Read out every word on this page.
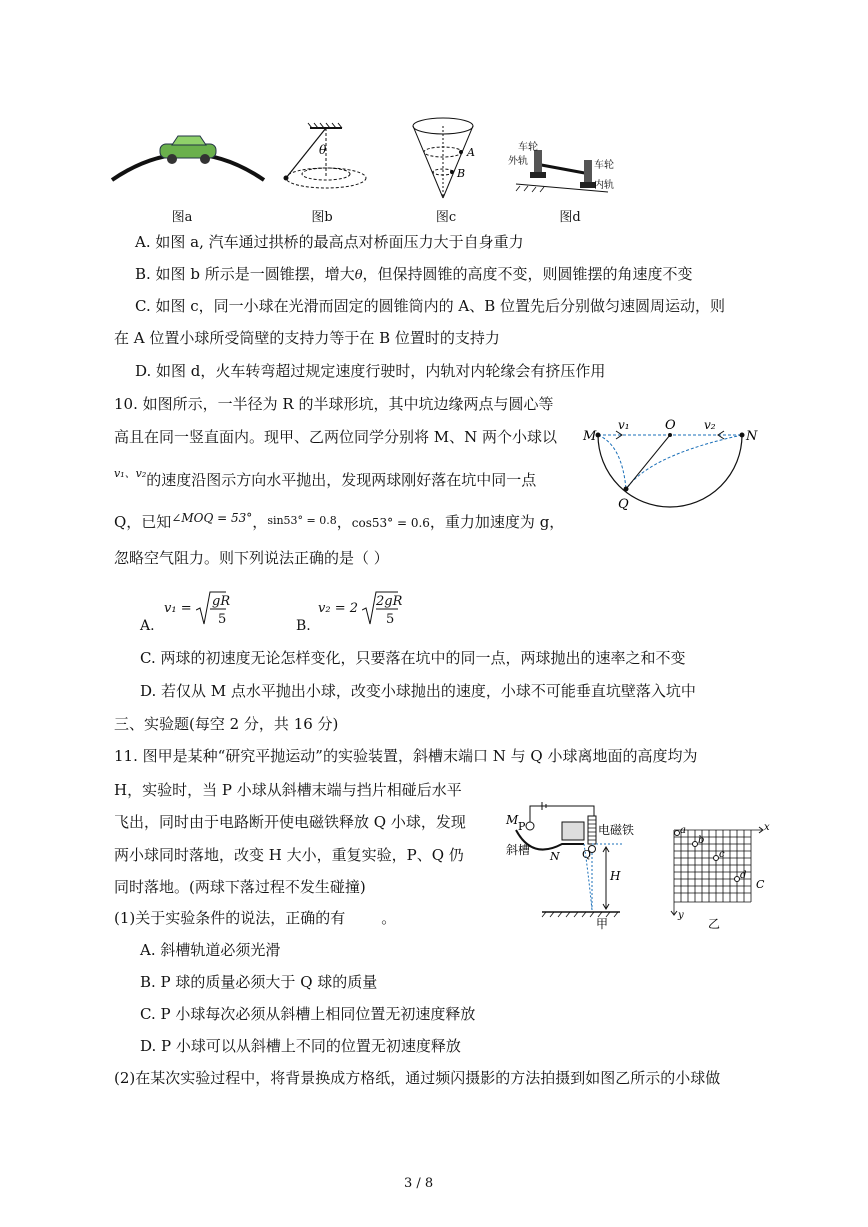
图a
θ
图b
A
B
图c
车轮
外轨	车轮
内轨
图d
A. 如图 a, 汽车通过拱桥的最高点对桥面压力大于自身重力
B. 如图 b 所示是一圆锥摆，增大θ，但保持圆锥的高度不变，则圆锥摆的角速度不变
C. 如图 c，同一小球在光滑而固定的圆锥筒内的 A、B 位置先后分别做匀速圆周运动，则
在 A 位置小球所受筒壁的支持力等于在 B 位置时的支持力
D. 如图 d，火车转弯超过规定速度行驶时，内轨对内轮缘会有挤压作用
10. 如图所示，一半径为 R 的半球形坑，其中坑边缘两点与圆心等
高且在同一竖直面内。现甲、乙两位同学分别将 M、N 两个小球以
$^{v_1、v_2}$的速度沿图示方向水平抛出，发现两球刚好落在坑中同一点
Q，已知$^{\angle MOQ = 53^\circ}$，$^{sin53^\circ = 0.8}$，cos53° = 0.6，重力加速度为 g，
忽略空气阻力。则下列说法正确的是（ ）
M	N
O
Q
v₁	v₂
A.
v₁ = gR
5	B.
v₂ = 2 2gR
5
C. 两球的初速度无论怎样变化，只要落在坑中的同一点，两球抛出的速率之和不变
D. 若仅从 M 点水平抛出小球，改变小球抛出的速度，小球不可能垂直坑壁落入坑中
三、实验题(每空 2 分，共 16 分)
11. 图甲是某种“研究平抛运动”的实验装置，斜槽末端口 N 与 Q 小球离地面的高度均为
H，实验时，当 P 小球从斜槽末端与挡片相碰后水平
飞出，同时由于电路断开使电磁铁释放 Q 小球，发现
两小球同时落地，改变 H 大小，重复实验，P、Q 仍
同时落地。(两球下落过程不发生碰撞)
(1)关于实验条件的说法，正确的有 。
A. 斜槽轨道必须光滑
B. P 球的质量必须大于 Q 球的质量
C. P 小球每次必须从斜槽上相同位置无初速度释放
D. P 小球可以从斜槽上不同的位置无初速度释放
(2)在某次实验过程中，将背景换成方格纸，通过频闪摄影的方法拍摄到如图乙所示的小球做
M P	电磁铁
斜槽 N Q
H
甲
a
b
c
d
x
y
C
乙
3 / 8
